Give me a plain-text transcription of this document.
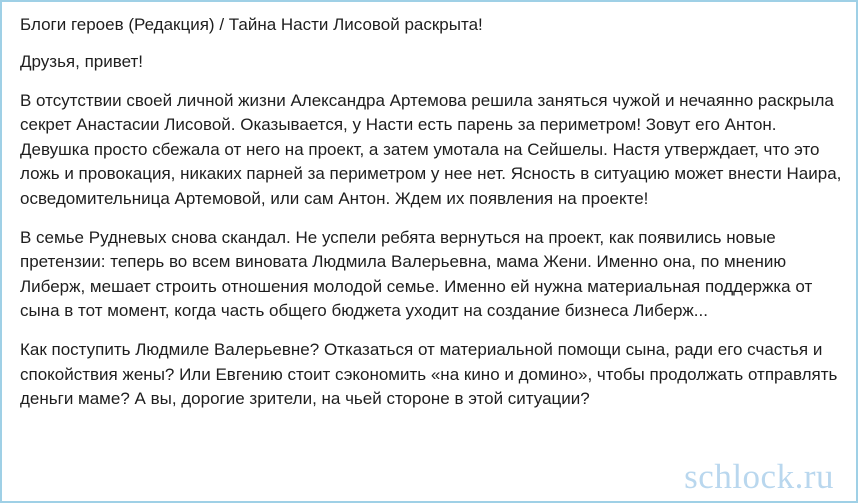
Блоги героев (Редакция) / Тайна Насти Лисовой раскрыта!

Друзья, привет!

В отсутствии своей личной жизни Александра Артемова решила заняться чужой и нечаянно раскрыла секрет Анастасии Лисовой. Оказывается, у Насти есть парень за периметром! Зовут его Антон. Девушка просто сбежала от него на проект, а затем умотала на Сейшелы. Настя утверждает, что это ложь и провокация, никаких парней за периметром у нее нет. Ясность в ситуацию может внести Наира, осведомительница Артемовой, или сам Антон. Ждем их появления на проекте!

В семье Рудневых снова скандал. Не успели ребята вернуться на проект, как появились новые претензии: теперь во всем виновата Людмила Валерьевна, мама Жени. Именно она, по мнению Либерж, мешает строить отношения молодой семье. Именно ей нужна материальная поддержка от сына в тот момент, когда часть общего бюджета уходит на создание бизнеса Либерж...

Как поступить Людмиле Валерьевне? Отказаться от материальной помощи сына, ради его счастья и спокойствия жены? Или Евгению стоит сэкономить «на кино и домино», чтобы продолжать отправлять деньги маме? А вы, дорогие зрители, на чьей стороне в этой ситуации?

schlock.ru
